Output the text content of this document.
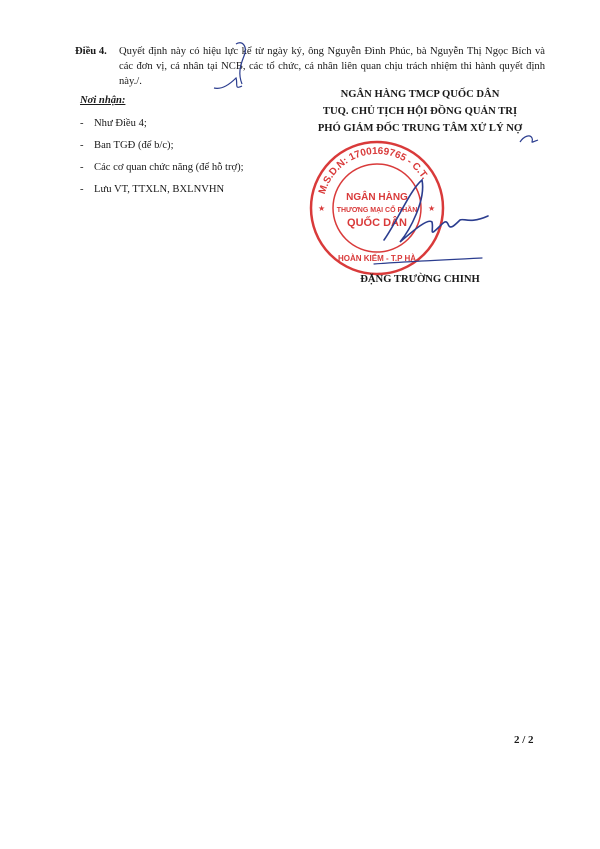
Điều 4. Quyết định này có hiệu lực kể từ ngày ký, ông Nguyễn Đình Phúc, bà Nguyễn Thị Ngọc Bích và các đơn vị, cá nhân tại NCB, các tổ chức, cá nhân liên quan chịu trách nhiệm thi hành quyết định này./.
Nơi nhận:
- Như Điều 4;
- Ban TGĐ (để b/c);
- Các cơ quan chức năng (để hỗ trợ);
- Lưu VT, TTXLN, BXLNVHN
NGÂN HÀNG TMCP QUỐC DÂN
TUQ. CHỦ TỊCH HỘI ĐỒNG QUẢN TRỊ
PHÓ GIÁM ĐỐC TRUNG TÂM XỬ LÝ NỢ
M.S.D.N: 1700169765 - C.T.
HOÀN KIẾM - T.P HÀ
NGÂN HÀNG
THƯƠNG MẠI CỔ PHẦN
QUỐC DÂN
★	★
ĐẶNG TRƯỜNG CHINH
2 / 2
